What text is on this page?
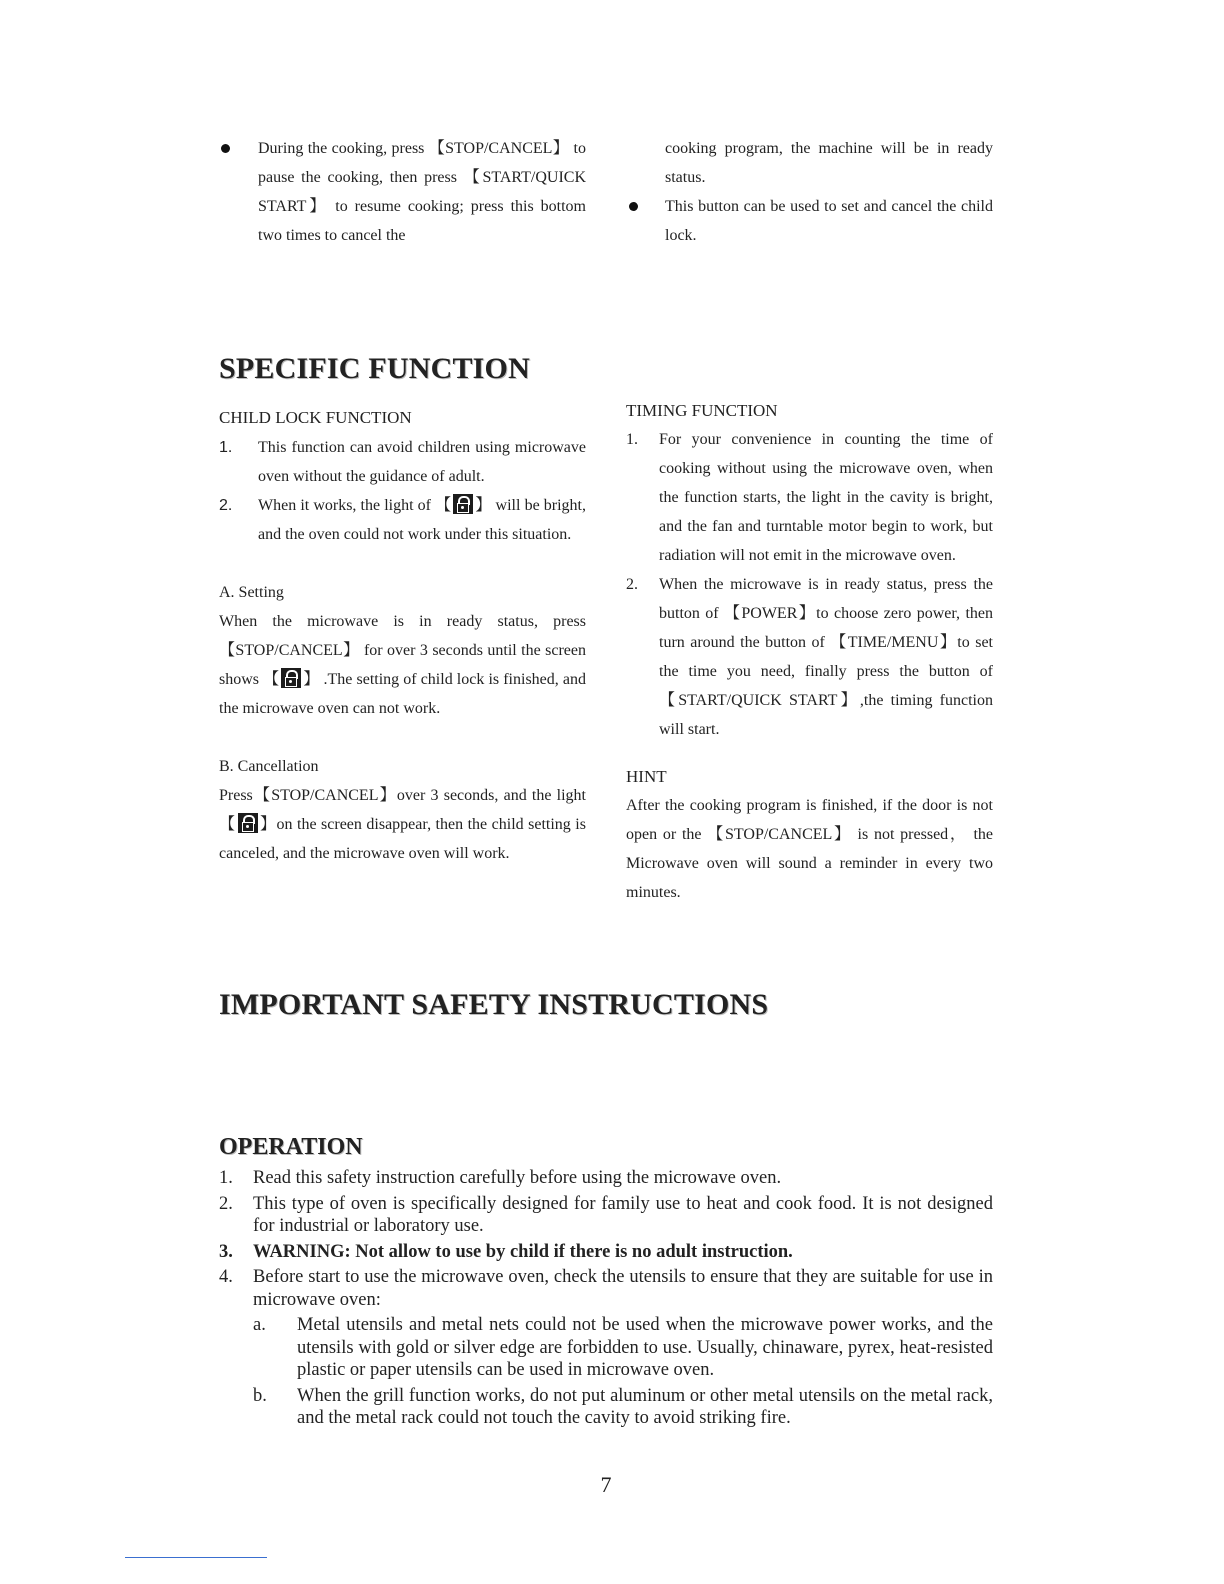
During the cooking, press 【STOP/CANCEL】 to pause the cooking, then press 【START/QUICK START】 to resume cooking; press this bottom two times to cancel the

cooking program, the machine will be in ready status.

This button can be used to set and cancel the child lock.

SPECIFIC FUNCTION
CHILD LOCK FUNCTION
1. This function can avoid children using microwave oven without the guidance of adult.

2. When it works, the light of 【 】 will be bright, and the oven could not work under this situation.

A. Setting

When the microwave is in ready status, press 【STOP/CANCEL】 for over 3 seconds until the screen shows 【 】 .The setting of child lock is finished, and the microwave oven can not work.

B. Cancellation

Press【STOP/CANCEL】over 3 seconds, and the light 【 】on the screen disappear, then the child setting is canceled, and the microwave oven will work.

TIMING FUNCTION
1. For your convenience in counting the time of cooking without using the microwave oven, when the function starts, the light in the cavity is bright, and the fan and turntable motor begin to work, but radiation will not emit in the microwave oven.

2. When the microwave is in ready status, press the button of 【POWER】to choose zero power, then turn around the button of 【TIME/MENU】to set the time you need, finally press the button of 【START/QUICK START】,the timing function will start.

HINT

After the cooking program is finished, if the door is not open or the 【STOP/CANCEL】 is not pressed， the Microwave oven will sound a reminder in every two minutes.

IMPORTANT SAFETY INSTRUCTIONS
OPERATION
1. Read this safety instruction carefully before using the microwave oven.
2. This type of oven is specifically designed for family use to heat and cook food. It is not designed for industrial or laboratory use.
3. WARNING: Not allow to use by child if there is no adult instruction.
4. Before start to use the microwave oven, check the utensils to ensure that they are suitable for use in microwave oven:
a. Metal utensils and metal nets could not be used when the microwave power works, and the utensils with gold or silver edge are forbidden to use. Usually, chinaware, pyrex, heat-resisted plastic or paper utensils can be used in microwave oven.
b. When the grill function works, do not put aluminum or other metal utensils on the metal rack, and the metal rack could not touch the cavity to avoid striking fire.
7
